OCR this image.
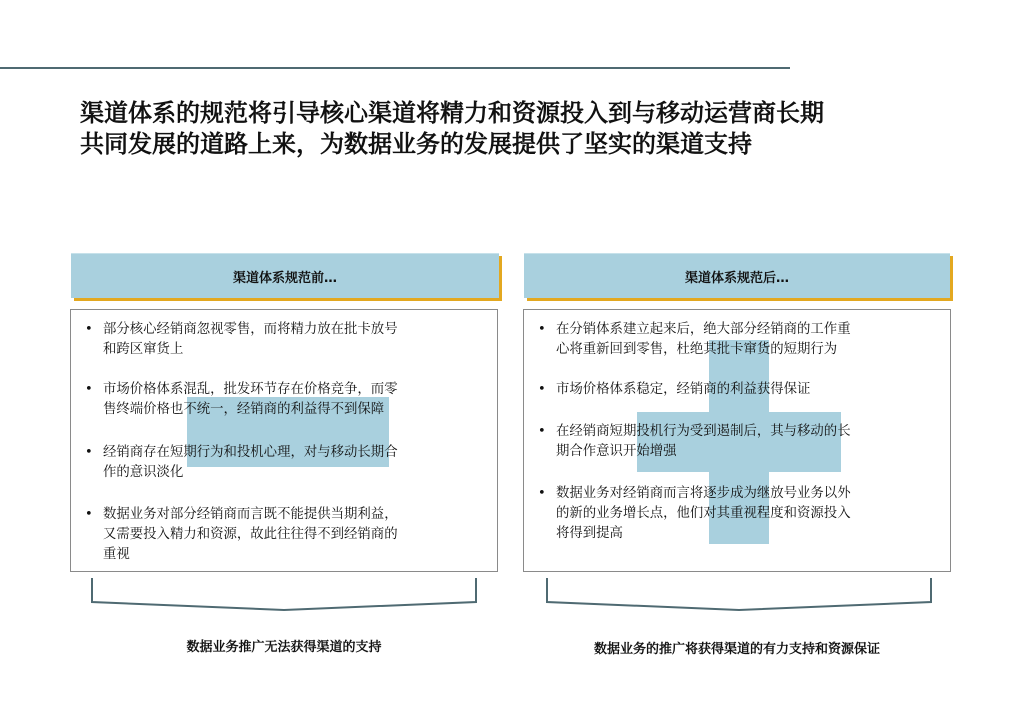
渠道体系的规范将引导核心渠道将精力和资源投入到与移动运营商长期
共同发展的道路上来，为数据业务的发展提供了坚实的渠道支持
渠道体系规范前…
• 部分核心经销商忽视零售，而将精力放在批卡放号
和跨区窜货上
• 市场价格体系混乱，批发环节存在价格竞争，而零
售终端价格也不统一，经销商的利益得不到保障
• 经销商存在短期行为和投机心理，对与移动长期合
作的意识淡化
• 数据业务对部分经销商而言既不能提供当期利益，
又需要投入精力和资源，故此往往得不到经销商的
重视
数据业务推广无法获得渠道的支持
渠道体系规范后…
• 在分销体系建立起来后，绝大部分经销商的工作重
心将重新回到零售，杜绝其批卡窜货的短期行为
• 市场价格体系稳定，经销商的利益获得保证
• 在经销商短期投机行为受到遏制后，其与移动的长
期合作意识开始增强
• 数据业务对经销商而言将逐步成为继放号业务以外
的新的业务增长点，他们对其重视程度和资源投入
将得到提高
数据业务的推广将获得渠道的有力支持和资源保证
